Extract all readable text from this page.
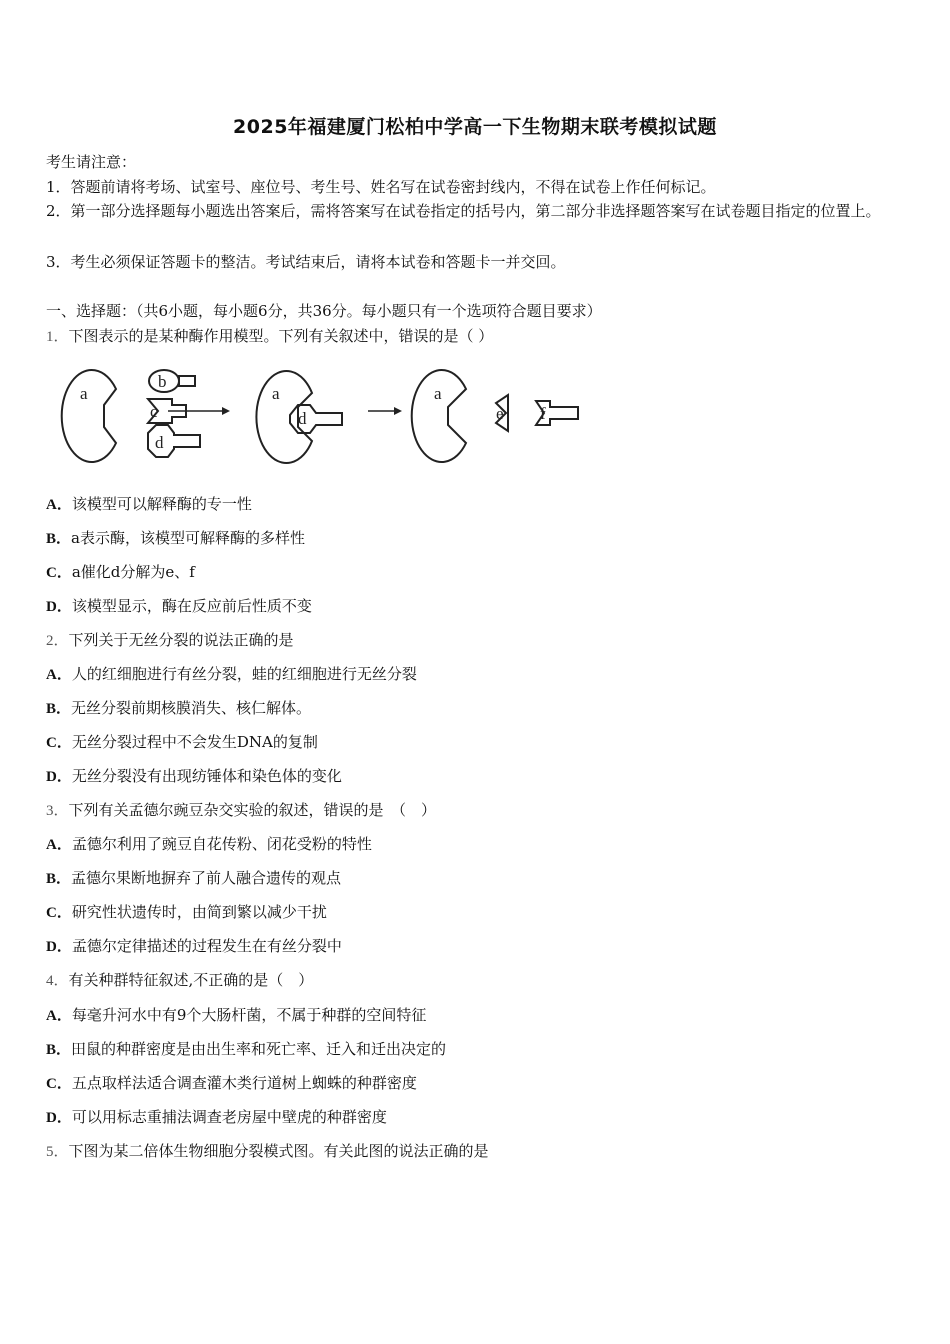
2025年福建厦门松柏中学高一下生物期末联考模拟试题
考生请注意：
1．答题前请将考场、试室号、座位号、考生号、姓名写在试卷密封线内，不得在试卷上作任何标记。
2．第一部分选择题每小题选出答案后，需将答案写在试卷指定的括号内，第二部分非选择题答案写在试卷题目指定的位置上。
3．考生必须保证答题卡的整洁。考试结束后，请将本试卷和答题卡一并交回。
一、选择题：（共6小题，每小题6分，共36分。每小题只有一个选项符合题目要求）
1．下图表示的是某种酶作用模型。下列有关叙述中，错误的是（ ）
a
b
c
d
a
d
a
e f
A．该模型可以解释酶的专一性
B．a表示酶，该模型可解释酶的多样性
C．a催化d分解为e、f
D．该模型显示，酶在反应前后性质不变
2．下列关于无丝分裂的说法正确的是
A．人的红细胞进行有丝分裂，蛙的红细胞进行无丝分裂
B．无丝分裂前期核膜消失、核仁解体。
C．无丝分裂过程中不会发生DNA的复制
D．无丝分裂没有出现纺锤体和染色体的变化
3．下列有关孟德尔豌豆杂交实验的叙述，错误的是　（　）
A．孟德尔利用了豌豆自花传粉、闭花受粉的特性
B．孟德尔果断地摒弃了前人融合遗传的观点
C．研究性状遗传时，由简到繁以减少干扰
D．孟德尔定律描述的过程发生在有丝分裂中
4．有关种群特征叙述,不正确的是（　）
A．每毫升河水中有9个大肠杆菌，不属于种群的空间特征
B．田鼠的种群密度是由出生率和死亡率、迁入和迁出决定的
C．五点取样法适合调查灌木类行道树上蜘蛛的种群密度
D．可以用标志重捕法调查老房屋中壁虎的种群密度
5．下图为某二倍体生物细胞分裂模式图。有关此图的说法正确的是
